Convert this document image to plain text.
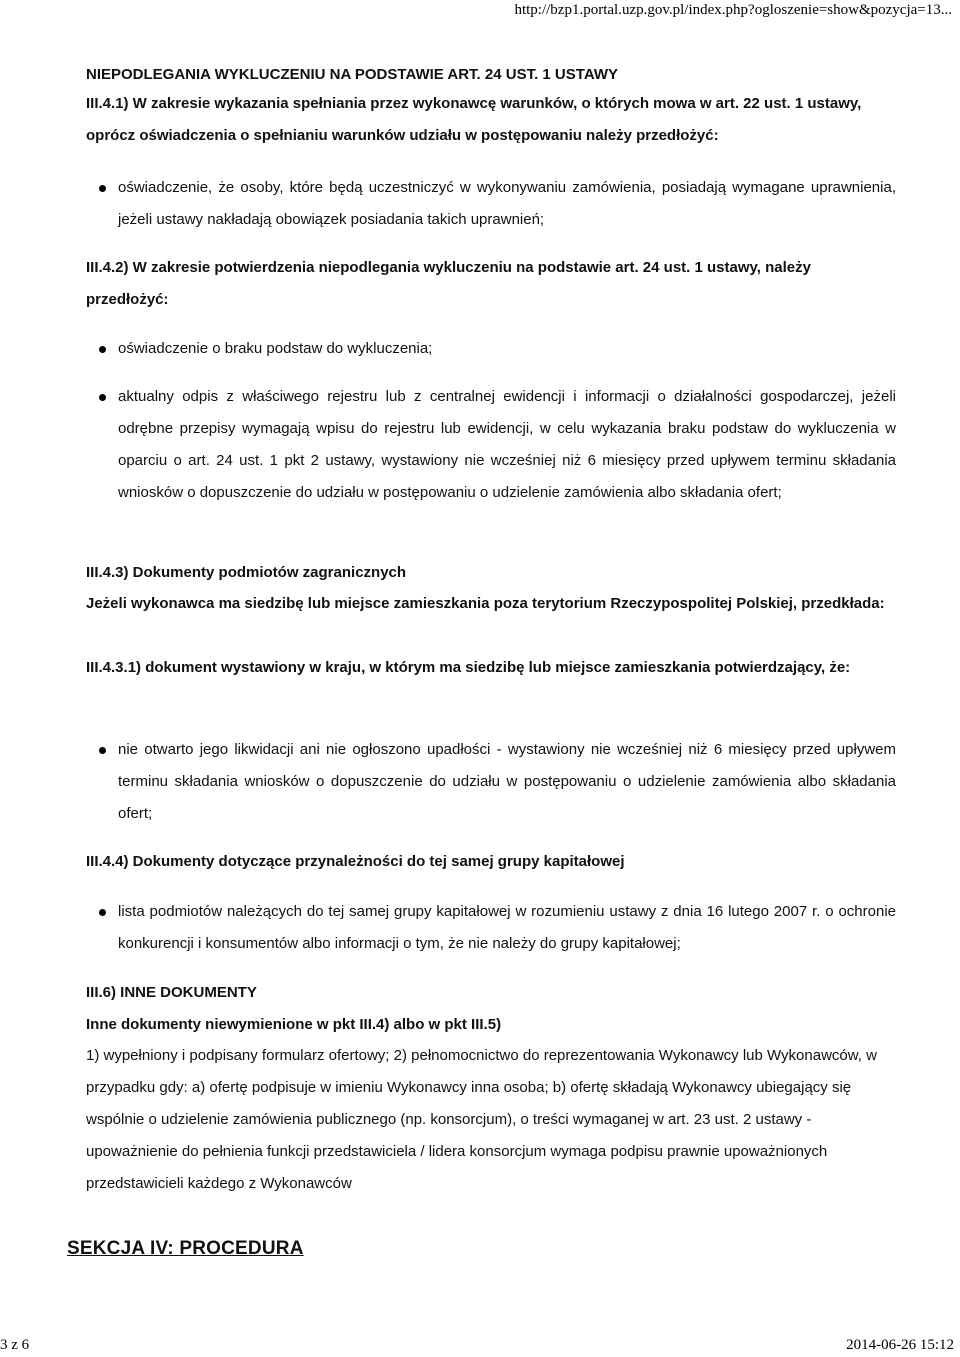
http://bzp1.portal.uzp.gov.pl/index.php?ogloszenie=show&pozycja=13...
NIEPODLEGANIA WYKLUCZENIU NA PODSTAWIE ART. 24 UST. 1 USTAWY
III.4.1) W zakresie wykazania spełniania przez wykonawcę warunków, o których mowa w art. 22 ust. 1 ustawy, oprócz oświadczenia o spełnianiu warunków udziału w postępowaniu należy przedłożyć:
oświadczenie, że osoby, które będą uczestniczyć w wykonywaniu zamówienia, posiadają wymagane uprawnienia, jeżeli ustawy nakładają obowiązek posiadania takich uprawnień;
III.4.2) W zakresie potwierdzenia niepodlegania wykluczeniu na podstawie art. 24 ust. 1 ustawy, należy przedłożyć:
oświadczenie o braku podstaw do wykluczenia;
aktualny odpis z właściwego rejestru lub z centralnej ewidencji i informacji o działalności gospodarczej, jeżeli odrębne przepisy wymagają wpisu do rejestru lub ewidencji, w celu wykazania braku podstaw do wykluczenia w oparciu o art. 24 ust. 1 pkt 2 ustawy, wystawiony nie wcześniej niż 6 miesięcy przed upływem terminu składania wniosków o dopuszczenie do udziału w postępowaniu o udzielenie zamówienia albo składania ofert;
III.4.3) Dokumenty podmiotów zagranicznych
Jeżeli wykonawca ma siedzibę lub miejsce zamieszkania poza terytorium Rzeczypospolitej Polskiej, przedkłada:
III.4.3.1) dokument wystawiony w kraju, w którym ma siedzibę lub miejsce zamieszkania potwierdzający, że:
nie otwarto jego likwidacji ani nie ogłoszono upadłości - wystawiony nie wcześniej niż 6 miesięcy przed upływem terminu składania wniosków o dopuszczenie do udziału w postępowaniu o udzielenie zamówienia albo składania ofert;
III.4.4) Dokumenty dotyczące przynależności do tej samej grupy kapitałowej
lista podmiotów należących do tej samej grupy kapitałowej w rozumieniu ustawy z dnia 16 lutego 2007 r. o ochronie konkurencji i konsumentów albo informacji o tym, że nie należy do grupy kapitałowej;
III.6) INNE DOKUMENTY
Inne dokumenty niewymienione w pkt III.4) albo w pkt III.5)
1) wypełniony i podpisany formularz ofertowy; 2) pełnomocnictwo do reprezentowania Wykonawcy lub Wykonawców, w przypadku gdy: a) ofertę podpisuje w imieniu Wykonawcy inna osoba; b) ofertę składają Wykonawcy ubiegający się wspólnie o udzielenie zamówienia publicznego (np. konsorcjum), o treści wymaganej w art. 23 ust. 2 ustawy - upoważnienie do pełnienia funkcji przedstawiciela / lidera konsorcjum wymaga podpisu prawnie upoważnionych przedstawicieli każdego z Wykonawców
SEKCJA IV: PROCEDURA
3 z 6	2014-06-26 15:12
